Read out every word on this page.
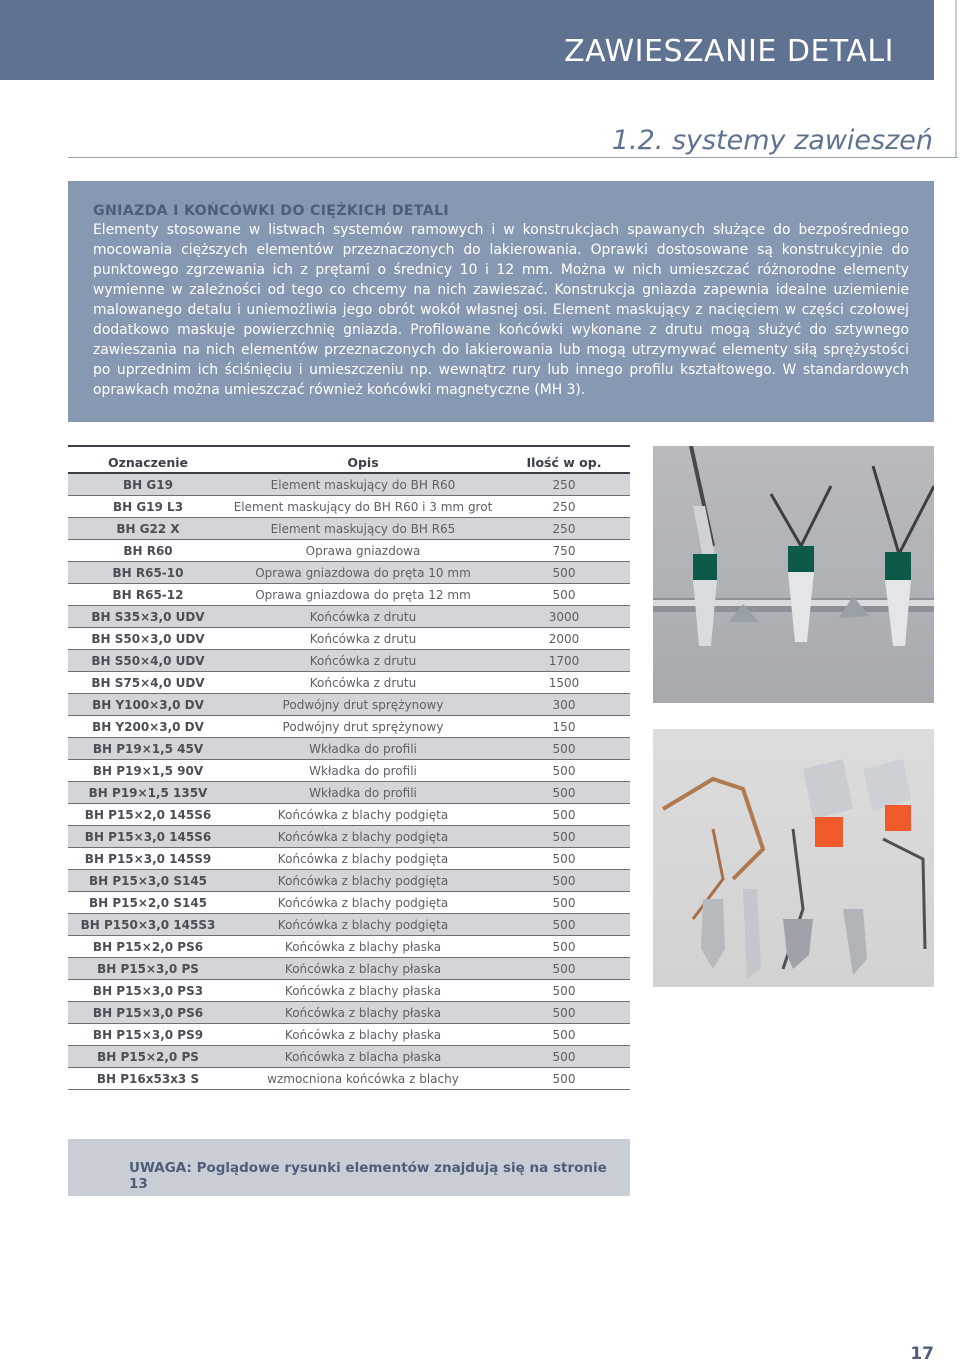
ZAWIESZANIE DETALI
1.2. systemy zawieszeń

GNIAZDA I KOŃCÓWKI DO CIĘŻKICH DETALI

Elementy stosowane w listwach systemów ramowych i w konstrukcjach spawanych służące do bezpośredniego mocowania cięższych elementów przeznaczonych do lakierowania. Oprawki dostosowane są konstrukcyjnie do punktowego zgrzewania ich z prętami o średnicy 10 i 12 mm. Można w nich umieszczać różnorodne elementy wymienne w zależności od tego co chcemy na nich zawieszać. Konstrukcja gniazda zapewnia idealne uziemienie malowanego detalu i uniemożliwia jego obrót wokół własnej osi. Element maskujący z nacięciem w części czołowej dodatkowo maskuje powierzchnię gniazda. Profilowane końcówki wykonane z drutu mogą służyć do sztywnego zawieszania na nich elementów przeznaczonych do lakierowania lub mogą utrzymywać elementy siłą sprężystości po uprzednim ich ściśnięciu i umieszczeniu np. wewnątrz rury lub innego profilu kształtowego. W standardowych oprawkach można umieszczać również końcówki magnetyczne (MH 3).

Oznaczenie	Opis	Ilość w op.
BH G19	Element maskujący do BH R60	250
BH G19 L3	Element maskujący do BH R60 i 3 mm grot	250
BH G22 X	Element maskujący do BH R65	250
BH R60	Oprawa gniazdowa	750
BH R65-10	Oprawa gniazdowa do pręta 10 mm	500
BH R65-12	Oprawa gniazdowa do pręta 12 mm	500
BH S35×3,0 UDV	Końcówka z drutu	3000
BH S50×3,0 UDV	Końcówka z drutu	2000
BH S50×4,0 UDV	Końcówka z drutu	1700
BH S75×4,0 UDV	Końcówka z drutu	1500
BH Y100×3,0 DV	Podwójny drut sprężynowy	300
BH Y200×3,0 DV	Podwójny drut sprężynowy	150
BH P19×1,5 45V	Wkładka do profili	500
BH P19×1,5 90V	Wkładka do profili	500
BH P19×1,5 135V	Wkładka do profili	500
BH P15×2,0 145S6	Końcówka z blachy podgięta	500
BH P15×3,0 145S6	Końcówka z blachy podgięta	500
BH P15×3,0 145S9	Końcówka z blachy podgięta	500
BH P15×3,0 S145	Końcówka z blachy podgięta	500
BH P15×2,0 S145	Końcówka z blachy podgięta	500
BH P150×3,0 145S3	Końcówka z blachy podgięta	500
BH P15×2,0 PS6	Końcówka z blachy płaska	500
BH P15×3,0 PS	Końcówka z blachy płaska	500
BH P15×3,0 PS3	Końcówka z blachy płaska	500
BH P15×3,0 PS6	Końcówka z blachy płaska	500
BH P15×3,0 PS9	Końcówka z blachy płaska	500
BH P15×2,0 PS	Końcówka z blacha płaska	500
BH P16x53x3 S	wzmocniona końcówka z blachy	500
UWAGA: Poglądowe rysunki elementów znajdują się na stronie 13
17
